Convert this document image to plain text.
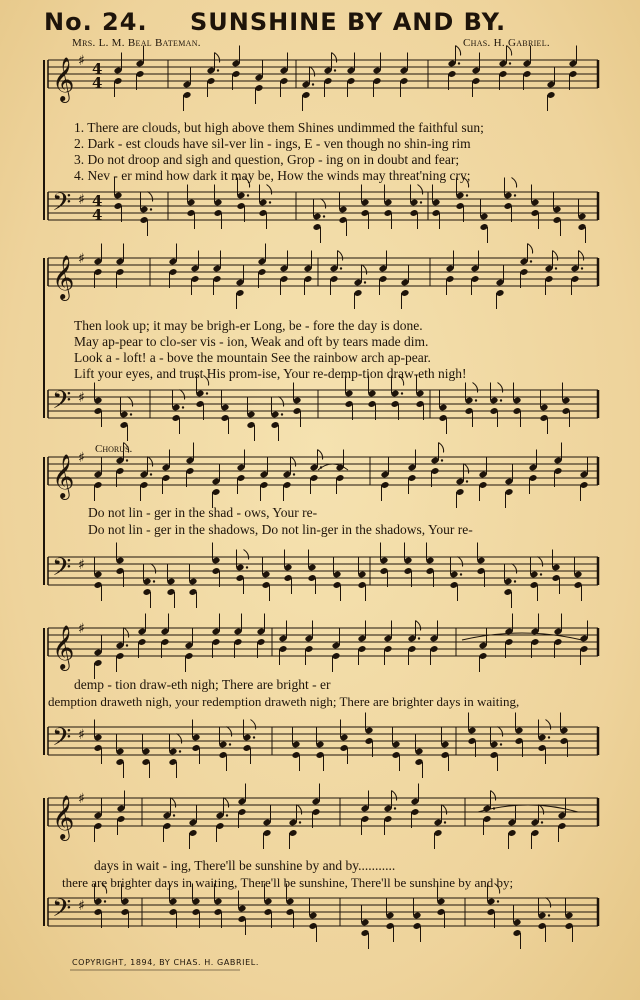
No. 24. SUNSHINE BY AND BY.
Mrs. L. M. Beal Bateman.	Chas. H. Gabriel.
𝄞 ♯ 4
4
𝄢 ♯ 4
4
𝄞 ♯
𝄢 ♯
𝄞 ♯
𝄢 ♯
𝄞 ♯
𝄢 ♯
𝄞 ♯
𝄢 ♯
1. There are clouds, but high above them Shines undimmed the faithful sun;
2. Dark - est clouds have sil-ver lin - ings, E - ven though no shin-ing rim
3. Do not droop and sigh and question, Grop - ing on in doubt and fear;
4. Nev - er mind how dark it may be, How the winds may threat'ning cry;
Then look up; it may be brigh-er Long, be - fore the day is done.
May ap-pear to clo-ser vis - ion, Weak and oft by tears made dim.
Look a - loft! a - bove the mountain See the rainbow arch ap-pear.
Lift your eyes, and trust His prom-ise, Your re-demp-tion draw-eth nigh!
Chorus.
Do not lin - ger in the shad - ows, Your re-
Do not lin - ger in the shadows, Do not lin-ger in the shadows, Your re-
demp - tion draw-eth nigh; There are bright - er
demption draweth nigh, your redemption draweth nigh; There are brighter days in waiting,
days in wait - ing, There'll be sunshine by and by...........
there are brighter days in waiting, There'll be sunshine, There'll be sunshine by and by;
COPYRIGHT, 1894, BY CHAS. H. GABRIEL.
